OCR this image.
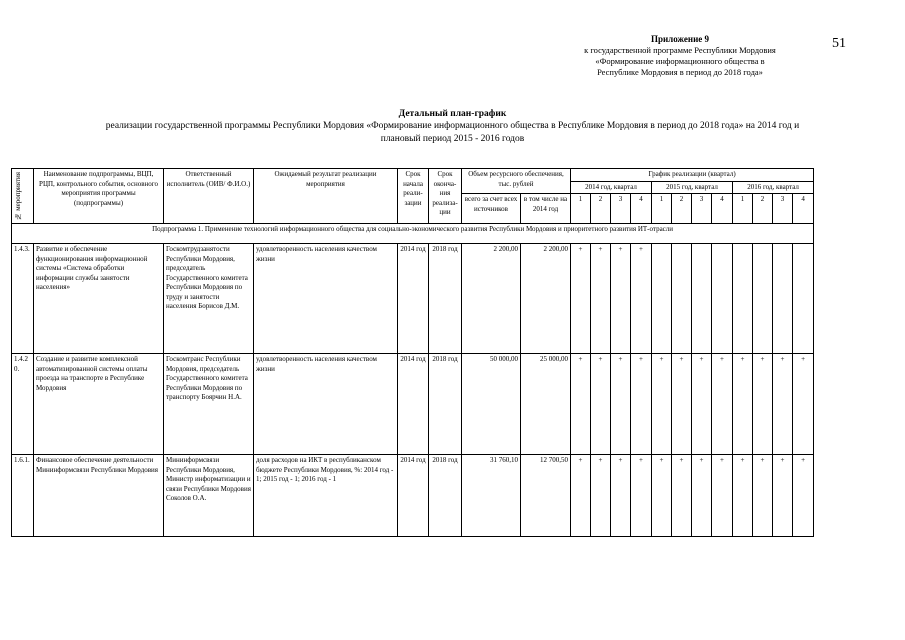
51
Приложение 9
к государственной программе Республики Мордовия
«Формирование информационного общества в
Республике Мордовия в период до 2018 года»
Детальный план-график
реализации государственной программы Республики Мордовия «Формирование информационного общества в Республике Мордовия в период до 2018 года» на 2014 год и
плановый период 2015 - 2016 годов
№ мероприятия	Наименование подпрограммы, ВЦП, РЦП, контрольного события, основного мероприятия программы (подпрограммы)	Ответственный исполнитель (ОИВ/ Ф.И.О.)	Ожидаемый результат реализации мероприятия	Срок начала реали-зации	Срок оконча-ния реализа-ции	Объем ресурсного обеспечения, тыс. рублей		График реализации (квартал)											
								2014 год, квартал				2015 год, квартал				2016 год, квартал			
						всего за счет всех источников	в том числе на 2014 год	1	2	3	4	1	2	3	4	1	2	3	4
Подпрограмма 1. Применение технологий информационного общества для социально-экономического развития Республики Мордовия и приоритетного развития ИТ-отрасли																			
1.4.3.	Развитие и обеспечение функционирования информационной системы «Система обработки информации службы занятости населения»	Госкомтрудзанятости Республики Мордовия, председатель Государственного комитета Республики Мордовия по труду и занятости населения Борисов Д.М.	удовлетворенность населения качеством жизни	2014 год	2018 год	2 200,00	2 200,00	+	+	+	+								
1.4.20.	Создание и развитие комплексной автоматизированной системы оплаты проезда на транспорте в Республике Мордовия	Госкомтранс Республики Мордовия, председатель Государственного комитета Республики Мордовия по транспорту Боярчин Н.А.	удовлетворенность населения качеством жизни	2014 год	2018 год	50 000,00	25 000,00	+	+	+	+	+	+	+	+	+	+	+	+
1.6.1.	Финансовое обеспечение деятельности Мининформсвязи Республики Мордовия	Мининформсвязи Республики Мордовия, Министр информатизации и связи Республики Мордовия Соколов О.А.	доля расходов на ИКТ в республиканском бюджете Республики Мордовия, %: 2014 год - 1; 2015 год - 1; 2016 год - 1	2014 год	2018 год	31 760,10	12 700,50	+	+	+	+	+	+	+	+	+	+	+	+
